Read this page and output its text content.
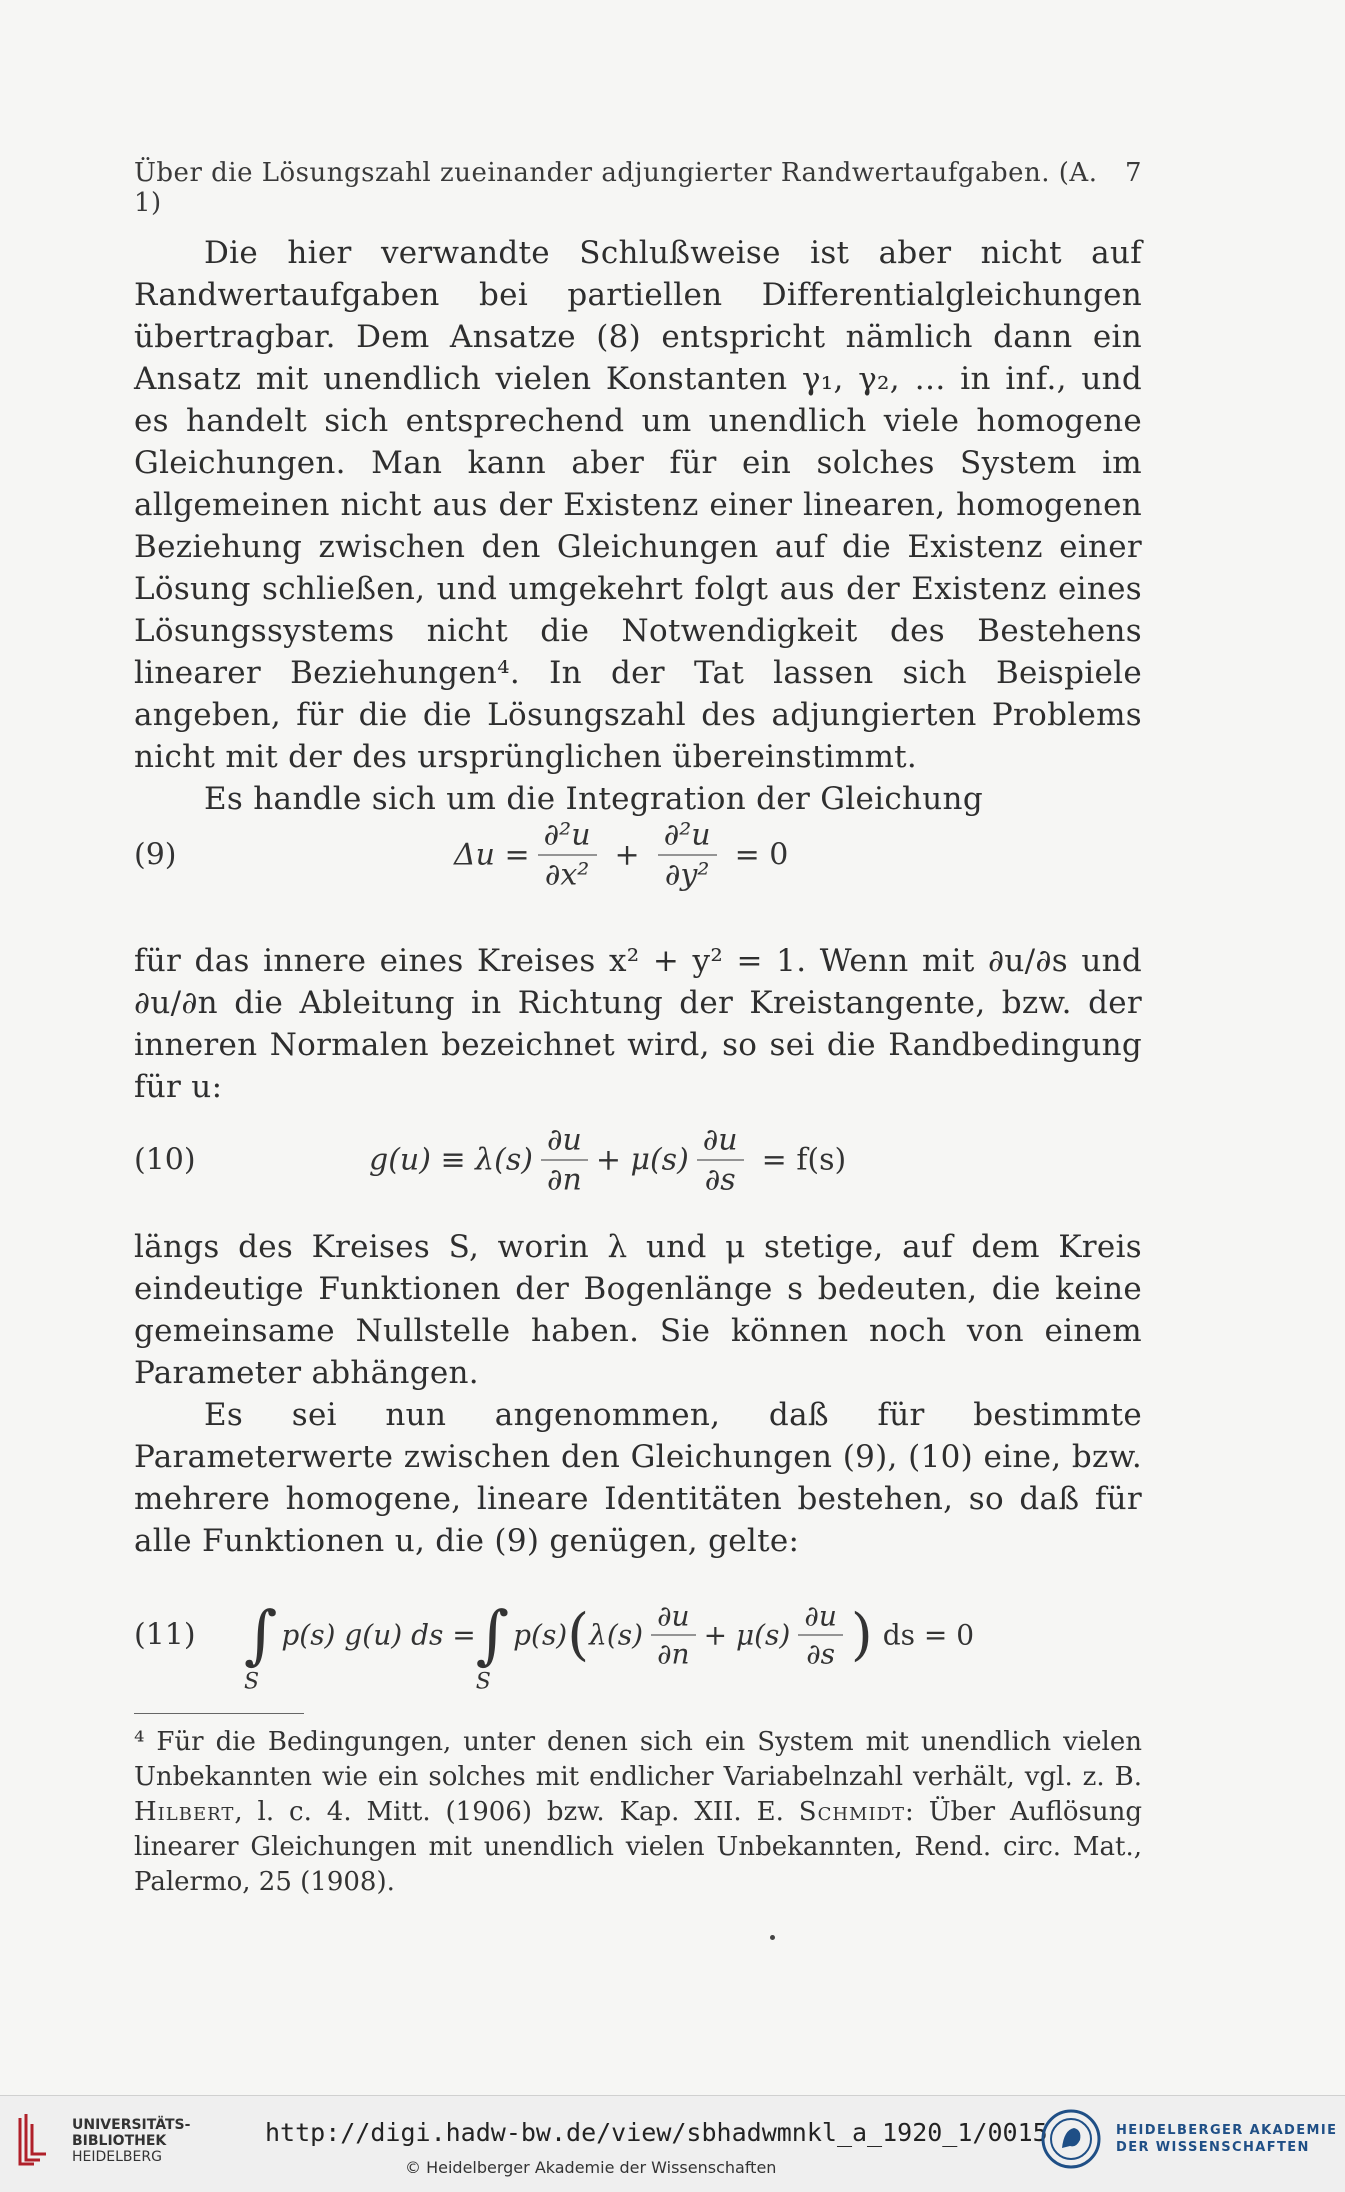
Über die Lösungszahl zueinander adjungierter Randwertaufgaben. (A. 1)
7

Die hier verwandte Schlußweise ist aber nicht auf Randwertaufgaben bei partiellen Differentialgleichungen übertragbar. Dem Ansatze (8) entspricht nämlich dann ein Ansatz mit unendlich vielen Konstanten γ₁, γ₂, … in inf., und es handelt sich entsprechend um unendlich viele homogene Gleichungen. Man kann aber für ein solches System im allgemeinen nicht aus der Existenz einer linearen, homogenen Beziehung zwischen den Gleichungen auf die Existenz einer Lösung schließen, und umgekehrt folgt aus der Existenz eines Lösungssystems nicht die Notwendigkeit des Bestehens linearer Beziehungen⁴. In der Tat lassen sich Beispiele angeben, für die die Lösungszahl des adjungierten Problems nicht mit der des ursprünglichen übereinstimmt.

Es handle sich um die Integration der Gleichung

(9)	$\Delta u = \frac{\text{∂²u}}{\text{∂x²}} + \frac{\text{∂²u}}{\text{∂y²}} = 0$

für das innere eines Kreises x² + y² = 1. Wenn mit ∂u/∂s und ∂u/∂n die Ableitung in Richtung der Kreistangente, bzw. der inneren Normalen bezeichnet wird, so sei die Randbedingung für u:

(10)	$g(u) \equiv \lambda(s) \frac{\partial u}{\partial n} + \mu(s) \frac{\partial u}{\partial s} = f(s)$

längs des Kreises S, worin λ und μ stetige, auf dem Kreis eindeutige Funktionen der Bogenlänge s bedeuten, die keine gemeinsame Nullstelle haben. Sie können noch von einem Parameter abhängen.

Es sei nun angenommen, daß für bestimmte Parameterwerte zwischen den Gleichungen (9), (10) eine, bzw. mehrere homogene, lineare Identitäten bestehen, so daß für alle Funktionen u, die (9) genügen, gelte:

(11) ∫
S
p(s) g(u) ds = ∫
S
p(s) ( $\lambda(s) \frac{\partial u}{\partial n} + \mu(s) \frac{\partial u}{\partial s}$ ) ds = 0

⁴ Für die Bedingungen, unter denen sich ein System mit unendlich vielen Unbekannten wie ein solches mit endlicher Variabelnzahl verhält, vgl. z. B. Hilbert, l. c. 4. Mitt. (1906) bzw. Kap. XII. E. Schmidt: Über Auflösung linearer Gleichungen mit unendlich vielen Unbekannten, Rend. circ. Mat., Palermo, 25 (1908).

UNIVERSITÄTS-
BIBLIOTHEK
HEIDELBERG
http://digi.hadw-bw.de/view/sbhadwmnkl_a_1920_1/0015
© Heidelberger Akademie der Wissenschaften
HEIDELBERGER AKADEMIE
DER WISSENSCHAFTEN
